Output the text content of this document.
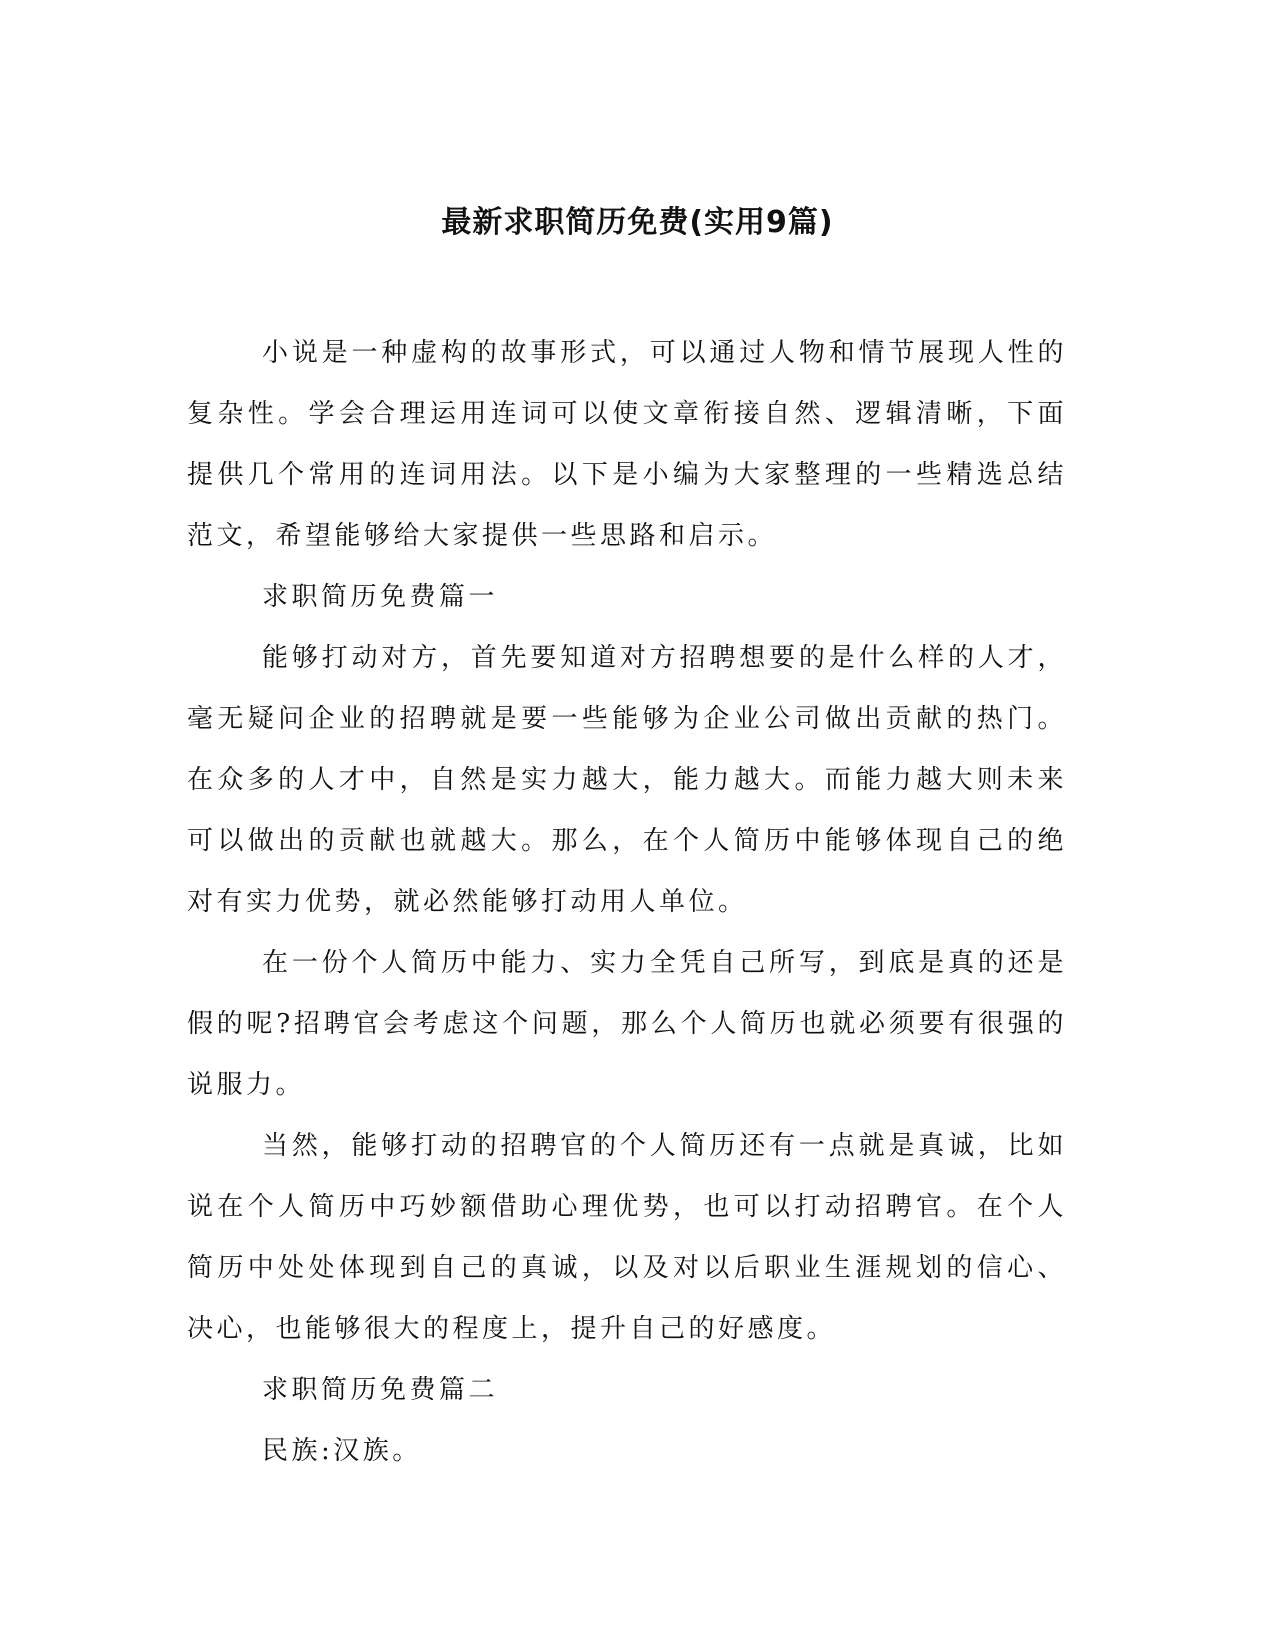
最新求职简历免费(实用9篇)

小说是一种虚构的故事形式，可以通过人物和情节展现人性的复杂性。学会合理运用连词可以使文章衔接自然、逻辑清晰，下面提供几个常用的连词用法。以下是小编为大家整理的一些精选总结范文，希望能够给大家提供一些思路和启示。

求职简历免费篇一

能够打动对方，首先要知道对方招聘想要的是什么样的人才，毫无疑问企业的招聘就是要一些能够为企业公司做出贡献的热门。在众多的人才中，自然是实力越大，能力越大。而能力越大则未来可以做出的贡献也就越大。那么，在个人简历中能够体现自己的绝对有实力优势，就必然能够打动用人单位。

在一份个人简历中能力、实力全凭自己所写，到底是真的还是假的呢?招聘官会考虑这个问题，那么个人简历也就必须要有很强的说服力。

当然，能够打动的招聘官的个人简历还有一点就是真诚，比如说在个人简历中巧妙额借助心理优势，也可以打动招聘官。在个人简历中处处体现到自己的真诚，以及对以后职业生涯规划的信心、决心，也能够很大的程度上，提升自己的好感度。

求职简历免费篇二

民族:汉族。
